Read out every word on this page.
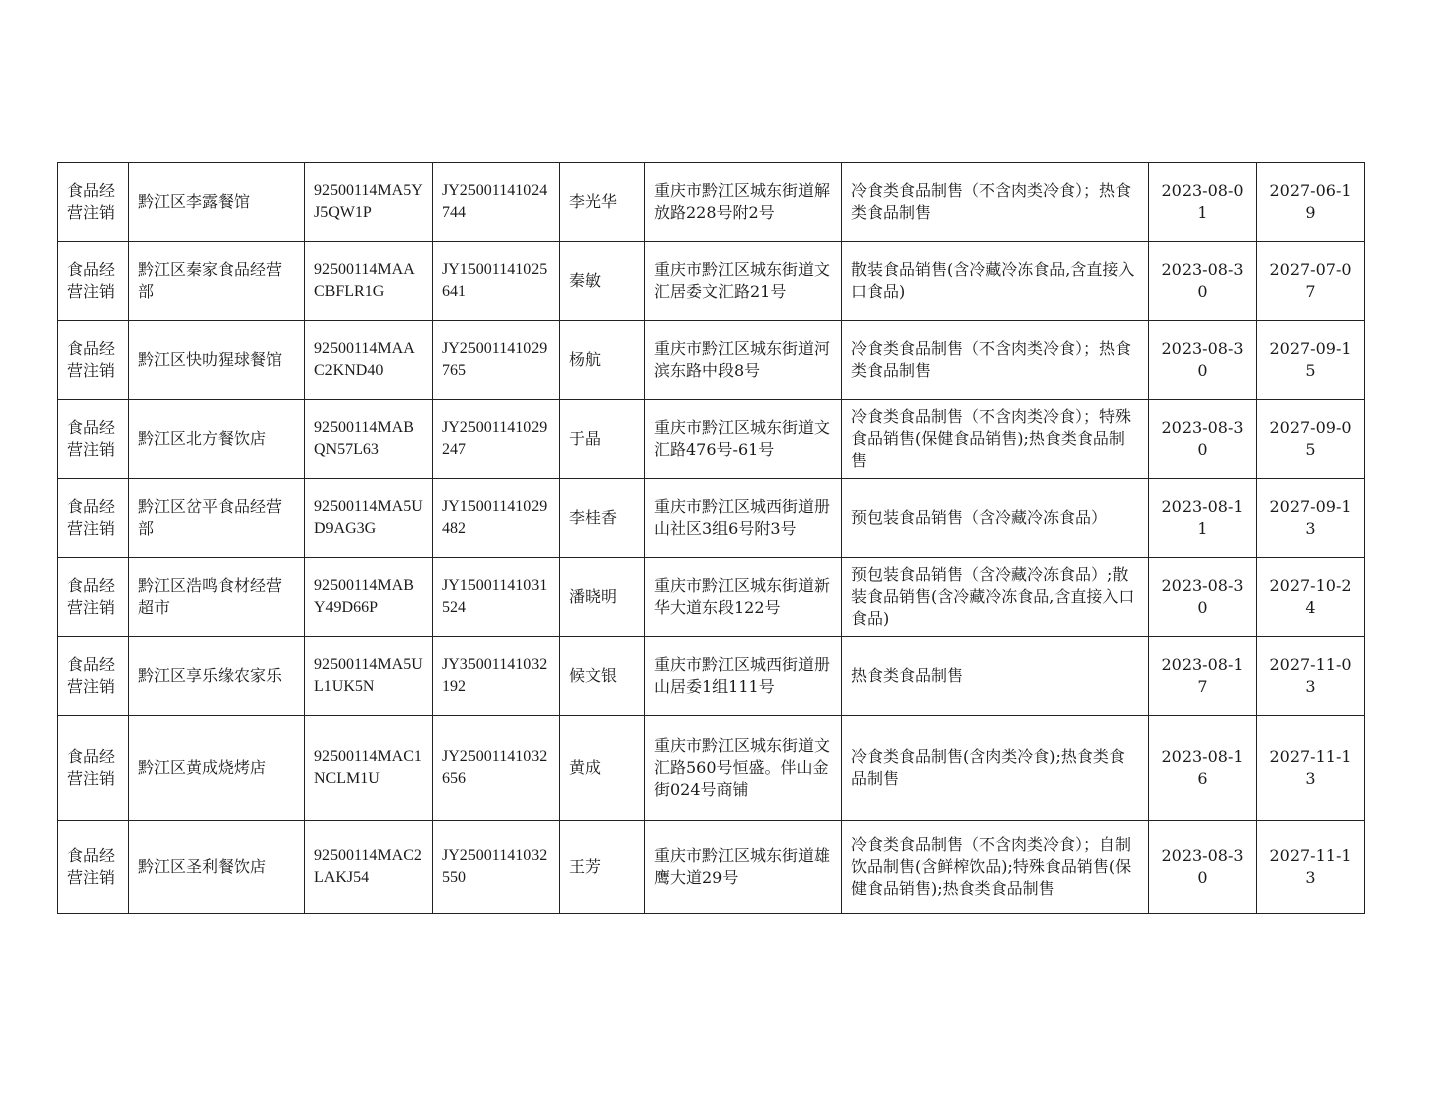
食品经营注销	黔江区李露餐馆	92500114MA5YJ5QW1P	JY25001141024744	李光华	重庆市黔江区城东街道解放路228号附2号	冷食类食品制售（不含肉类冷食）；热食类食品制售	2023-08-01	2027-06-19
食品经营注销	黔江区秦家食品经营部	92500114MAACBFLR1G	JY15001141025641	秦敏	重庆市黔江区城东街道文汇居委文汇路21号	散装食品销售(含冷藏冷冻食品,含直接入口食品)	2023-08-30	2027-07-07
食品经营注销	黔江区快叻猩球餐馆	92500114MAAC2KND40	JY25001141029765	杨航	重庆市黔江区城东街道河滨东路中段8号	冷食类食品制售（不含肉类冷食）；热食类食品制售	2023-08-30	2027-09-15
食品经营注销	黔江区北方餐饮店	92500114MABQN57L63	JY25001141029247	于晶	重庆市黔江区城东街道文汇路476号-61号	冷食类食品制售（不含肉类冷食）；特殊食品销售(保健食品销售);热食类食品制售	2023-08-30	2027-09-05
食品经营注销	黔江区岔平食品经营部	92500114MA5UD9AG3G	JY15001141029482	李桂香	重庆市黔江区城西街道册山社区3组6号附3号	预包装食品销售（含冷藏冷冻食品）	2023-08-11	2027-09-13
食品经营注销	黔江区浩鸣食材经营超市	92500114MABY49D66P	JY15001141031524	潘晓明	重庆市黔江区城东街道新华大道东段122号	预包装食品销售（含冷藏冷冻食品）;散装食品销售(含冷藏冷冻食品,含直接入口食品)	2023-08-30	2027-10-24
食品经营注销	黔江区享乐缘农家乐	92500114MA5UL1UK5N	JY35001141032192	候文银	重庆市黔江区城西街道册山居委1组111号	热食类食品制售	2023-08-17	2027-11-03
食品经营注销	黔江区黄成烧烤店	92500114MAC1NCLM1U	JY25001141032656	黄成	重庆市黔江区城东街道文汇路560号恒盛。伴山金街024号商铺	冷食类食品制售(含肉类冷食);热食类食品制售	2023-08-16	2027-11-13
食品经营注销	黔江区圣利餐饮店	92500114MAC2LAKJ54	JY25001141032550	王芳	重庆市黔江区城东街道雄鹰大道29号	冷食类食品制售（不含肉类冷食）；自制饮品制售(含鲜榨饮品);特殊食品销售(保健食品销售);热食类食品制售	2023-08-30	2027-11-13
